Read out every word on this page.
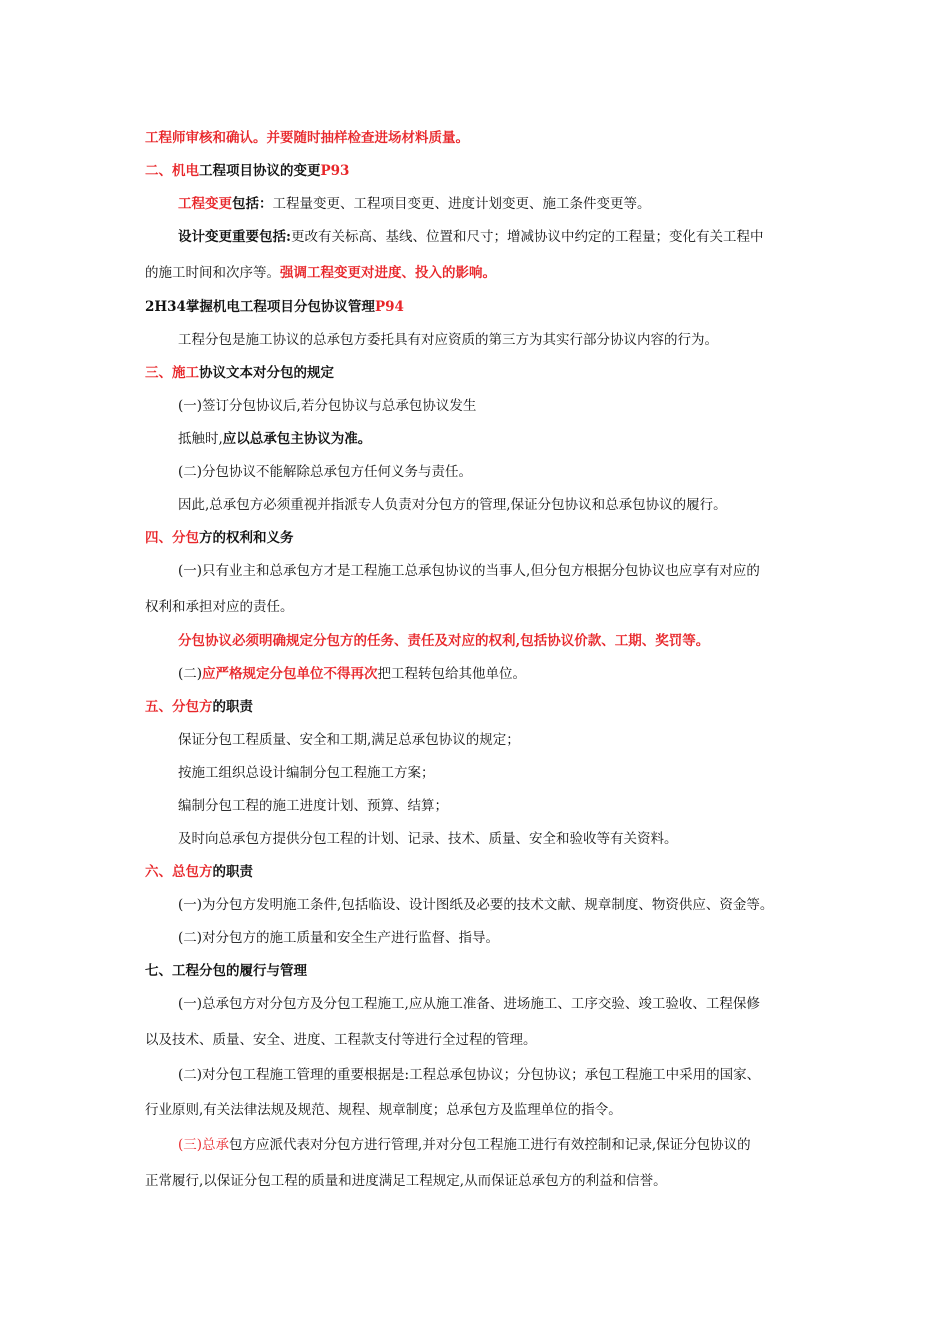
工程师审核和确认。并要随时抽样检查进场材料质量。
二、机电工程项目协议的变更P93
工程变更包括：工程量变更、工程项目变更、进度计划变更、施工条件变更等。
设计变更重要包括:更改有关标高、基线、位置和尺寸；增减协议中约定的工程量；变化有关工程中
的施工时间和次序等。强调工程变更对进度、投入的影响。
2H34掌握机电工程项目分包协议管理P94
工程分包是施工协议的总承包方委托具有对应资质的第三方为其实行部分协议内容的行为。
三、施工协议文本对分包的规定
(一)签订分包协议后,若分包协议与总承包协议发生
抵触时,应以总承包主协议为准。
(二)分包协议不能解除总承包方任何义务与责任。
因此,总承包方必须重视并指派专人负责对分包方的管理,保证分包协议和总承包协议的履行。
四、分包方的权利和义务
(一)只有业主和总承包方才是工程施工总承包协议的当事人,但分包方根据分包协议也应享有对应的
权利和承担对应的责任。
分包协议必须明确规定分包方的任务、责任及对应的权利,包括协议价款、工期、奖罚等。
(二)应严格规定分包单位不得再次把工程转包给其他单位。
五、分包方的职责
保证分包工程质量、安全和工期,满足总承包协议的规定；
按施工组织总设计编制分包工程施工方案；
编制分包工程的施工进度计划、预算、结算；
及时向总承包方提供分包工程的计划、记录、技术、质量、安全和验收等有关资料。
六、总包方的职责
(一)为分包方发明施工条件,包括临设、设计图纸及必要的技术文献、规章制度、物资供应、资金等。
(二)对分包方的施工质量和安全生产进行监督、指导。
七、工程分包的履行与管理
(一)总承包方对分包方及分包工程施工,应从施工准备、进场施工、工序交验、竣工验收、工程保修
以及技术、质量、安全、进度、工程款支付等进行全过程的管理。
(二)对分包工程施工管理的重要根据是:工程总承包协议；分包协议；承包工程施工中采用的国家、
行业原则,有关法律法规及规范、规程、规章制度；总承包方及监理单位的指令。
(三)总承包方应派代表对分包方进行管理,并对分包工程施工进行有效控制和记录,保证分包协议的
正常履行,以保证分包工程的质量和进度满足工程规定,从而保证总承包方的利益和信誉。
